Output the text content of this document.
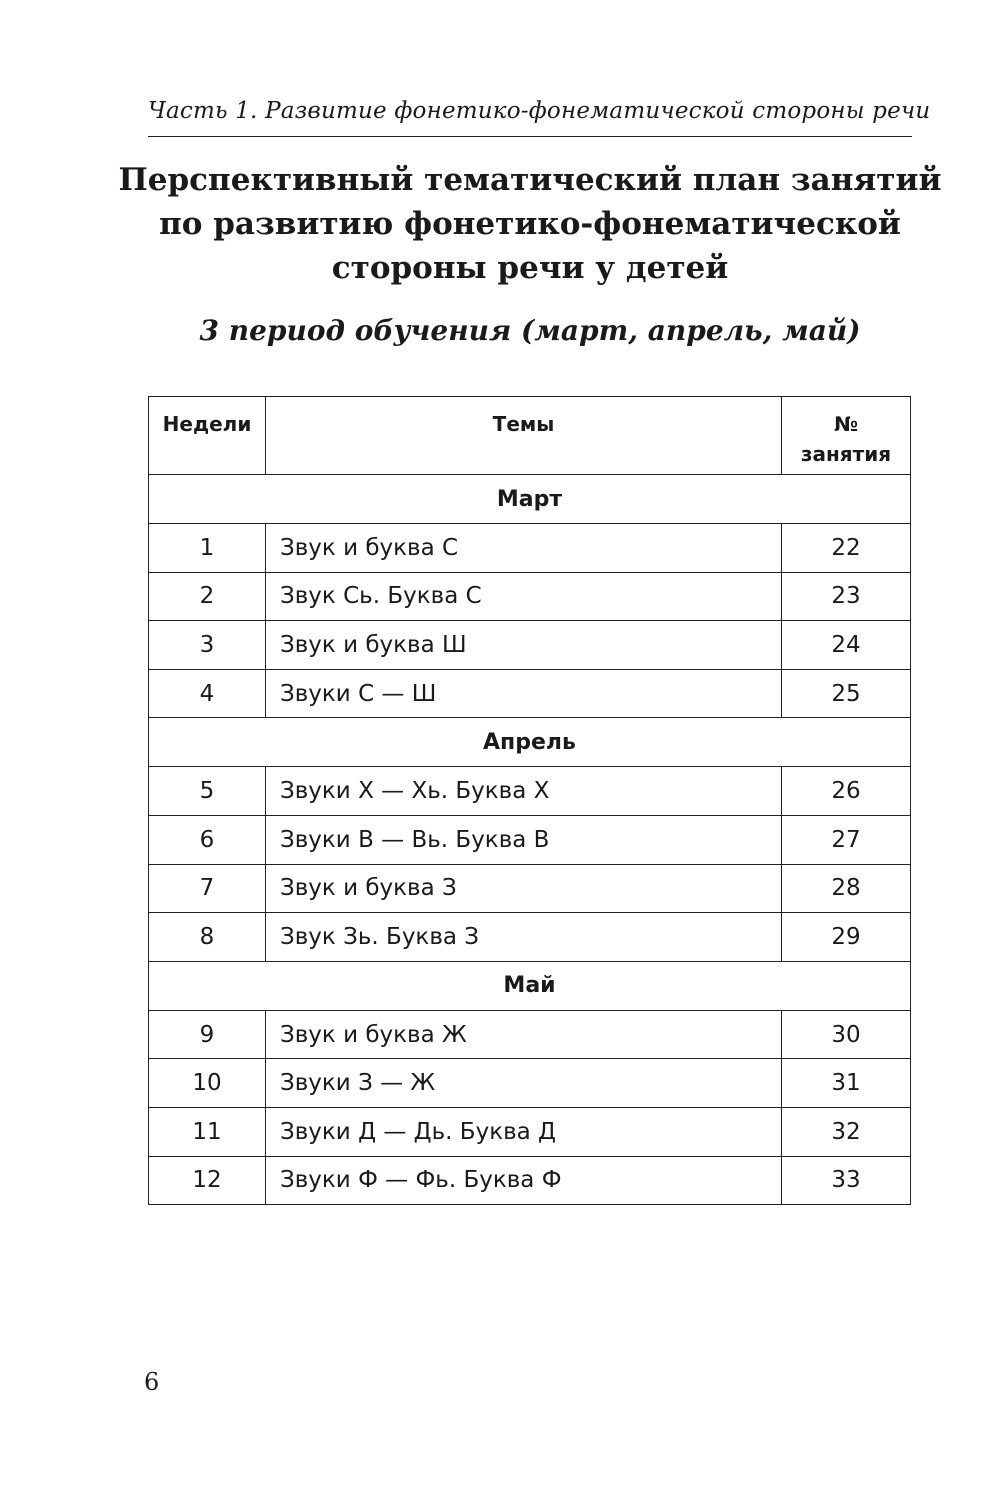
Часть 1. Развитие фонетико-фонематической стороны речи
Перспективный тематический план занятий
по развитию фонетико-фонематической
стороны речи у детей
3 период обучения (март, апрель, май)
Недели	Темы	№
занятия

Март		
1	Звук и буква С	22
2	Звук Сь. Буква С	23
3	Звук и буква Ш	24
4	Звуки С — Ш	25
Апрель		
5	Звуки Х — Хь. Буква Х	26
6	Звуки В — Вь. Буква В	27
7	Звук и буква З	28
8	Звук Зь. Буква З	29
Май		
9	Звук и буква Ж	30
10	Звуки З — Ж	31
11	Звуки Д — Дь. Буква Д	32
12	Звуки Ф — Фь. Буква Ф	33
6
